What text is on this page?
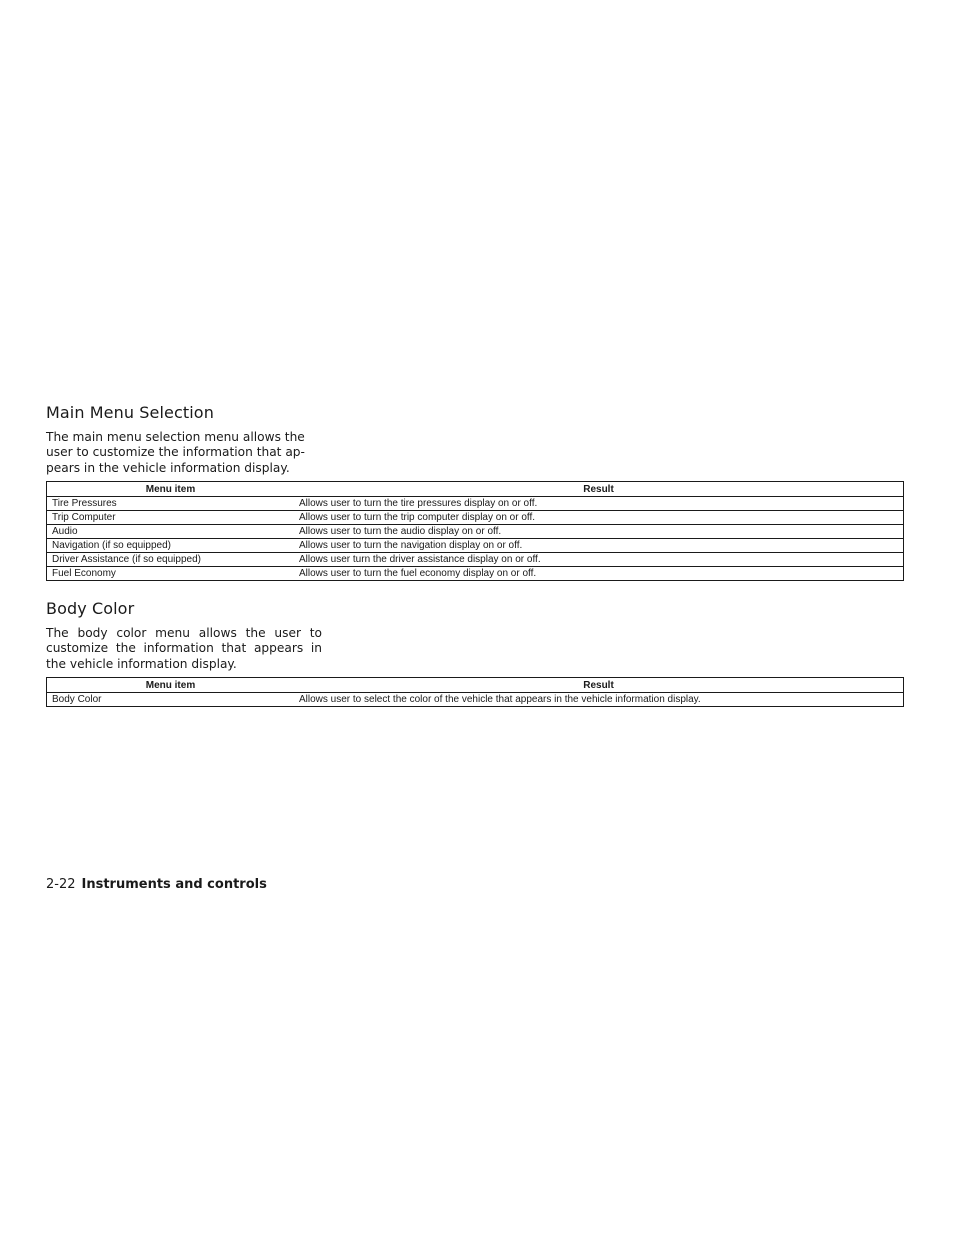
Main Menu Selection

The main menu selection menu allows the
user to customize the information that ap-
pears in the vehicle information display.

Menu item	Result
Tire Pressures	Allows user to turn the tire pressures display on or off.
Trip Computer	Allows user to turn the trip computer display on or off.
Audio	Allows user to turn the audio display on or off.
Navigation (if so equipped)	Allows user to turn the navigation display on or off.
Driver Assistance (if so equipped)	Allows user turn the driver assistance display on or off.
Fuel Economy	Allows user to turn the fuel economy display on or off.
Body Color

The body color menu allows the user to customize the information that appears in the vehicle information display.

Menu item	Result
Body Color	Allows user to select the color of the vehicle that appears in the vehicle information display.
2-22 Instruments and controls
